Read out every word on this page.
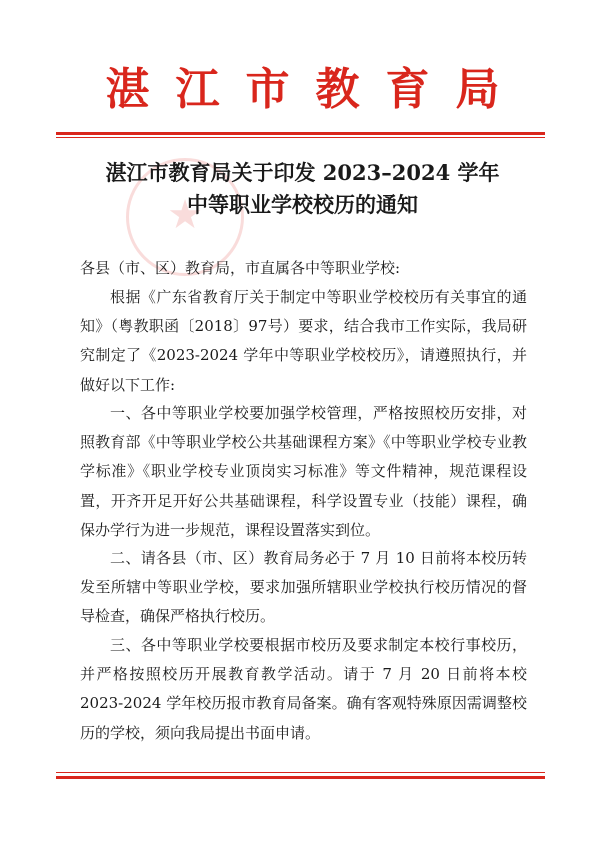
湛江市教育局
★
湛江市教育局关于印发 2023–2024 学年
中等职业学校校历的通知
各县（市、区）教育局，市直属各中等职业学校:
根据《广东省教育厅关于制定中等职业学校校历有关事宜的通知》（粤教职函〔2018〕97号）要求，结合我市工作实际，我局研究制定了《2023-2024 学年中等职业学校校历》，请遵照执行，并做好以下工作:
一、各中等职业学校要加强学校管理，严格按照校历安排，对照教育部《中等职业学校公共基础课程方案》《中等职业学校专业教学标准》《职业学校专业顶岗实习标准》等文件精神，规范课程设置，开齐开足开好公共基础课程，科学设置专业（技能）课程，确保办学行为进一步规范，课程设置落实到位。
二、请各县（市、区）教育局务必于 7 月 10 日前将本校历转发至所辖中等职业学校，要求加强所辖职业学校执行校历情况的督导检查，确保严格执行校历。
三、各中等职业学校要根据市校历及要求制定本校行事校历，并严格按照校历开展教育教学活动。请于 7 月 20 日前将本校 2023-2024 学年校历报市教育局备案。确有客观特殊原因需调整校历的学校，须向我局提出书面申请。
